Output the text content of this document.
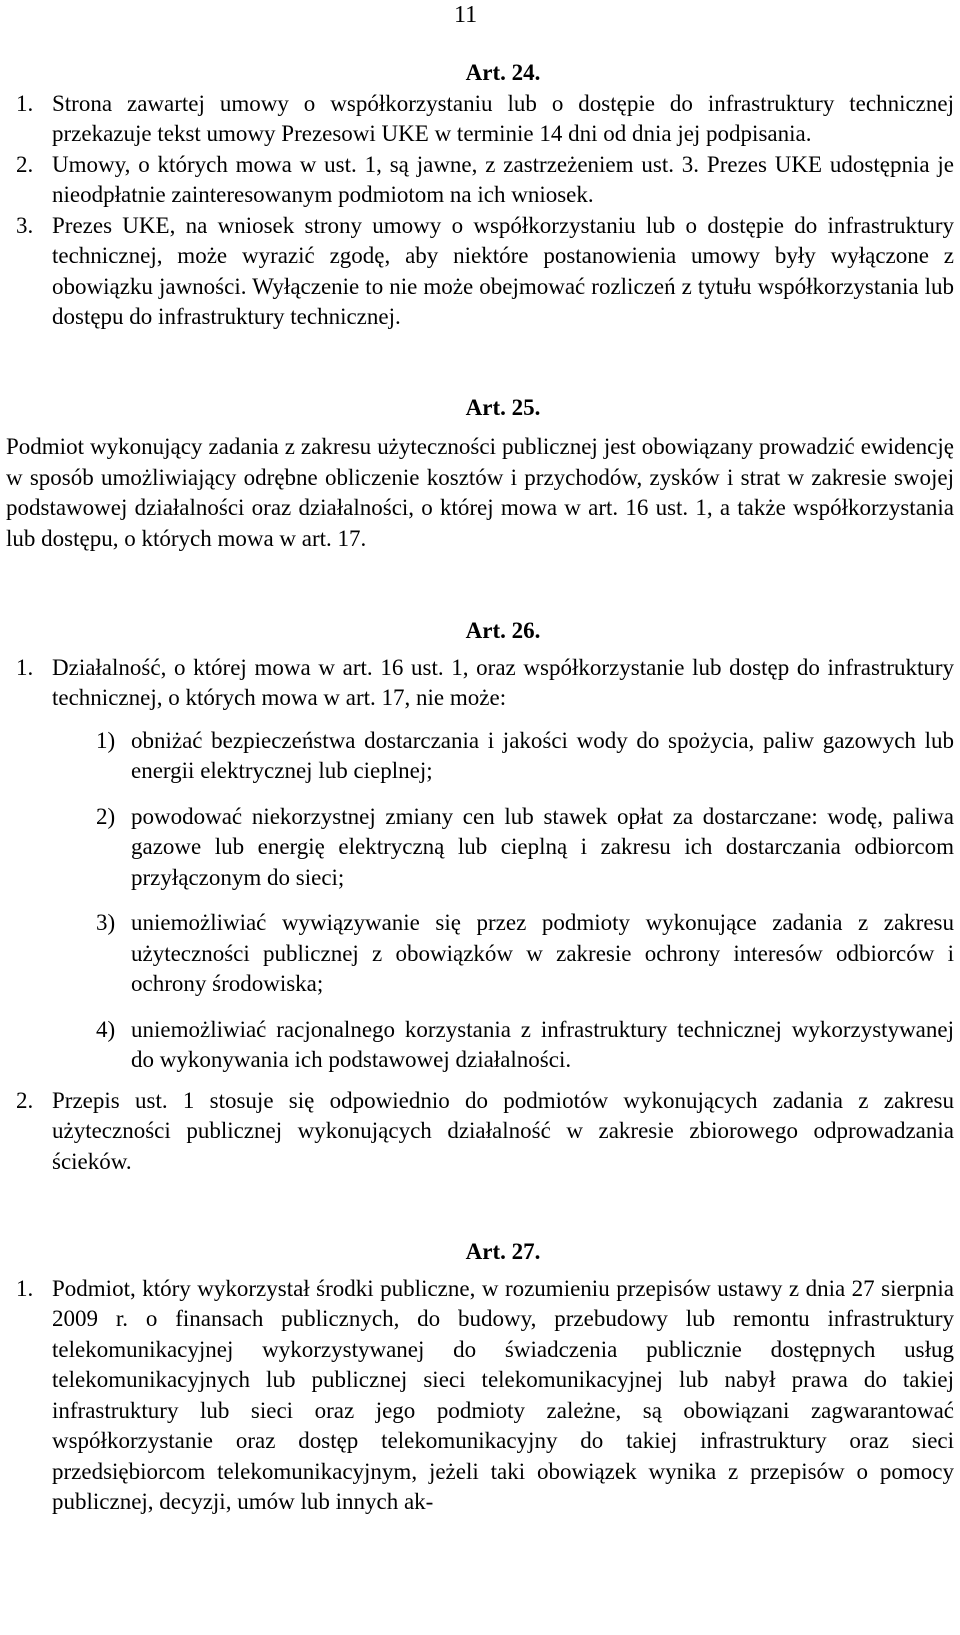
11

Art. 24.

1. Strona zawartej umowy o współkorzystaniu lub o dostępie do infrastruktury technicznej przekazuje tekst umowy Prezesowi UKE w terminie 14 dni od dnia jej podpisania.
2. Umowy, o których mowa w ust. 1, są jawne, z zastrzeżeniem ust. 3. Prezes UKE udostępnia je nieodpłatnie zainteresowanym podmiotom na ich wniosek.
3. Prezes UKE, na wniosek strony umowy o współkorzystaniu lub o dostępie do infrastruktury technicznej, może wyrazić zgodę, aby niektóre postanowienia umowy były wyłączone z obowiązku jawności. Wyłączenie to nie może obejmować rozliczeń z tytułu współkorzystania lub dostępu do infrastruktury technicznej.

Art. 25.

Podmiot wykonujący zadania z zakresu użyteczności publicznej jest obowiązany prowadzić ewidencję w sposób umożliwiający odrębne obliczenie kosztów i przychodów, zysków i strat w zakresie swojej podstawowej działalności oraz działalności, o której mowa w art. 16 ust. 1, a także współkorzystania lub dostępu, o których mowa w art. 17.

Art. 26.

1. Działalność, o której mowa w art. 16 ust. 1, oraz współkorzystanie lub dostęp do infrastruktury technicznej, o których mowa w art. 17, nie może:
1) obniżać bezpieczeństwa dostarczania i jakości wody do spożycia, paliw gazowych lub energii elektrycznej lub cieplnej;
2) powodować niekorzystnej zmiany cen lub stawek opłat za dostarczane: wodę, paliwa gazowe lub energię elektryczną lub cieplną i zakresu ich dostarczania odbiorcom przyłączonym do sieci;
3) uniemożliwiać wywiązywanie się przez podmioty wykonujące zadania z zakresu użyteczności publicznej z obowiązków w zakresie ochrony interesów odbiorców i ochrony środowiska;
4) uniemożliwiać racjonalnego korzystania z infrastruktury technicznej wykorzystywanej do wykonywania ich podstawowej działalności.
2. Przepis ust. 1 stosuje się odpowiednio do podmiotów wykonujących zadania z zakresu użyteczności publicznej wykonujących działalność w zakresie zbiorowego odprowadzania ścieków.

Art. 27.

1. Podmiot, który wykorzystał środki publiczne, w rozumieniu przepisów ustawy z dnia 27 sierpnia 2009 r. o finansach publicznych, do budowy, przebudowy lub remontu infrastruktury telekomunikacyjnej wykorzystywanej do świadczenia publicznie dostępnych usług telekomunikacyjnych lub publicznej sieci telekomunikacyjnej lub nabył prawa do takiej infrastruktury lub sieci oraz jego podmioty zależne, są obowiązani zagwarantować współkorzystanie oraz dostęp telekomunikacyjny do takiej infrastruktury oraz sieci przedsiębiorcom telekomunikacyjnym, jeżeli taki obowiązek wynika z przepisów o pomocy publicznej, decyzji, umów lub innych ak-
